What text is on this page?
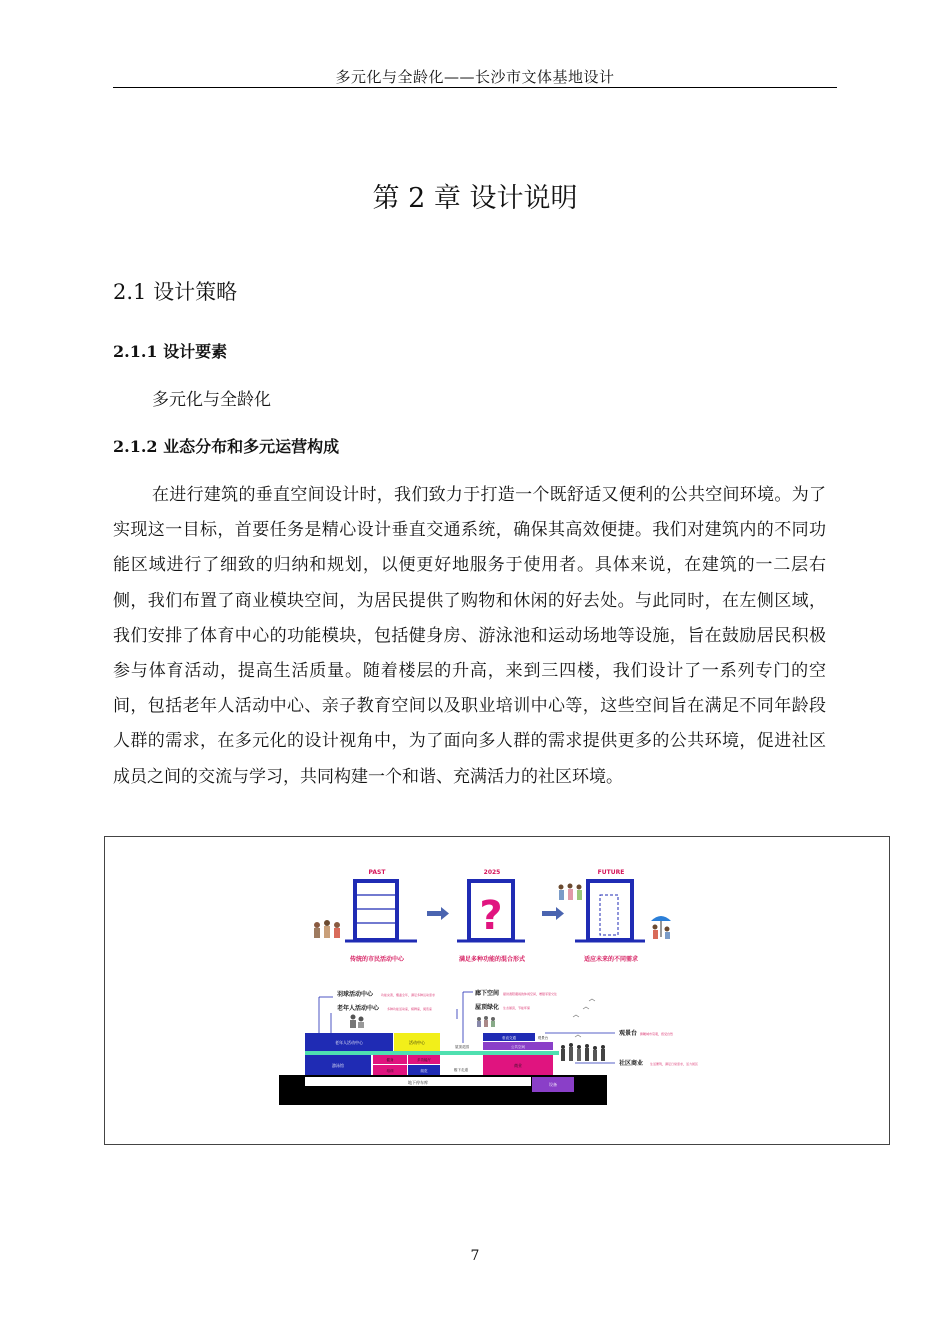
多元化与全龄化——长沙市文体基地设计
第 2 章 设计说明
2.1 设计策略
2.1.1 设计要素
多元化与全龄化
2.1.2 业态分布和多元运营构成
在进行建筑的垂直空间设计时，我们致力于打造一个既舒适又便利的公共空间环境。为了实现这一目标，首要任务是精心设计垂直交通系统，确保其高效便捷。我们对建筑内的不同功能区域进行了细致的归纳和规划，以便更好地服务于使用者。具体来说，在建筑的一二层右侧，我们布置了商业模块空间，为居民提供了购物和休闲的好去处。与此同时，在左侧区域，我们安排了体育中心的功能模块，包括健身房、游泳池和运动场地等设施，旨在鼓励居民积极参与体育活动，提高生活质量。随着楼层的升高，来到三四楼，我们设计了一系列专门的空间，包括老年人活动中心、亲子教育空间以及职业培训中心等，这些空间旨在满足不同年龄段人群的需求，在多元化的设计视角中，为了面向多人群的需求提供更多的公共环境，促进社区成员之间的交流与学习，共同构建一个和谐、充满活力的社区环境。
PAST	2025	FUTURE
?
传统的市民活动中心	满足多种功能的混合形式	适应未来的不同需求
羽球活动中心	功能完善，覆盖全年，满足多种运动需求
老年人活动中心	多种功能活动室，棋牌室，阅览室
廊下空间 提供遮阳避雨的休闲空间，增强邻里交往
屋顶绿化 生态屋顶，节能环保
观景台 俯瞰城市景观，感受自然
社区商业 生活便利，满足日常需求，活力街区
老年人活动中心	活动中心
垂直交通
公共空间
观景台
屋顶花园
游泳馆
健身	多功能厅
培训	阅览
商业
檐下走道
地下停车库	设备
7
